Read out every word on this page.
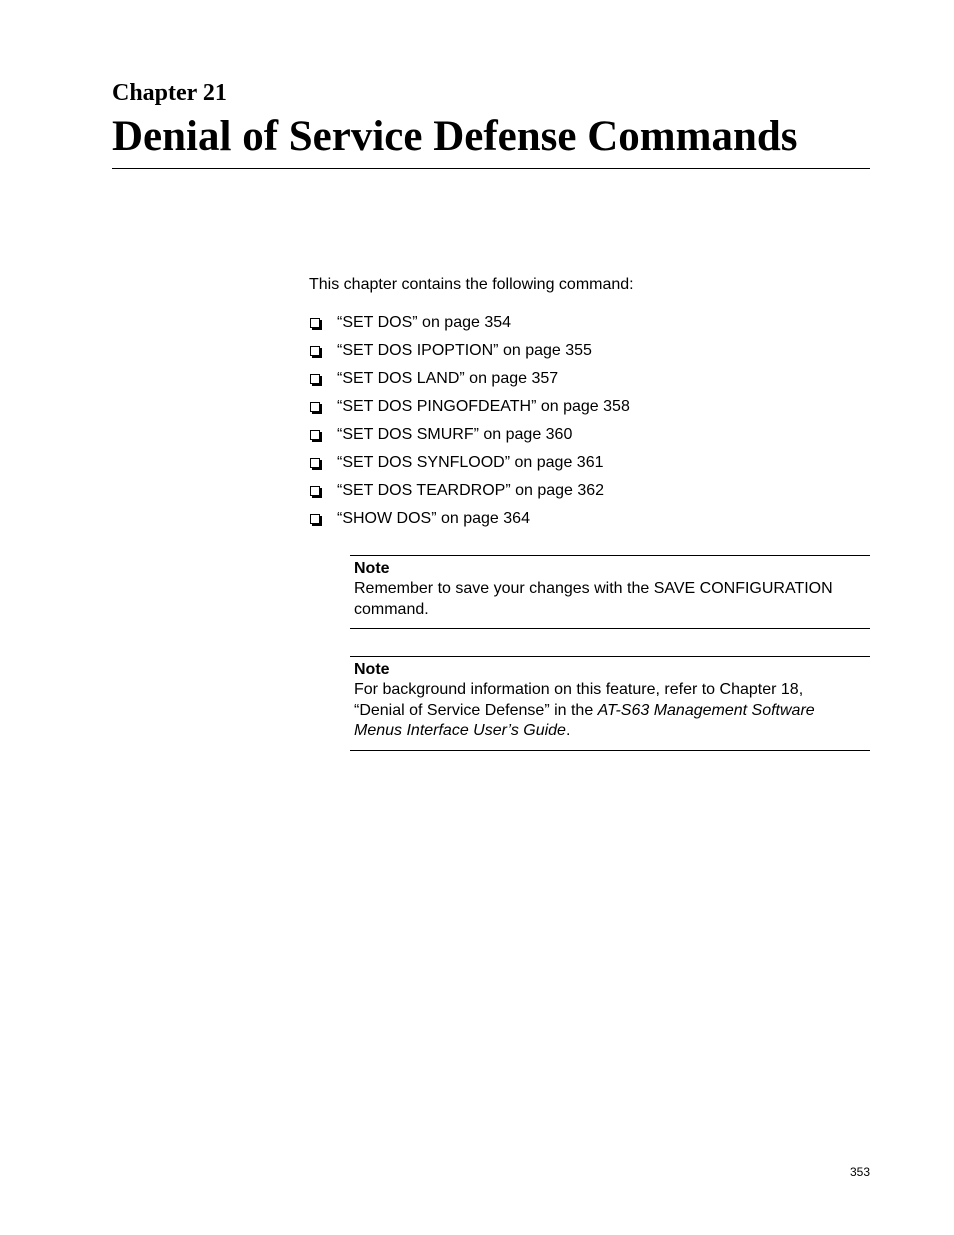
Chapter 21
Denial of Service Defense Commands

This chapter contains the following command:

“SET DOS” on page 354
“SET DOS IPOPTION” on page 355
“SET DOS LAND” on page 357
“SET DOS PINGOFDEATH” on page 358
“SET DOS SMURF” on page 360
“SET DOS SYNFLOOD” on page 361
“SET DOS TEARDROP” on page 362
“SHOW DOS” on page 364

Note

Remember to save your changes with the SAVE CONFIGURATION
command.

Note

For background information on this feature, refer to Chapter 18,
“Denial of Service Defense” in the AT-S63 Management Software
Menus Interface User’s Guide.

353
